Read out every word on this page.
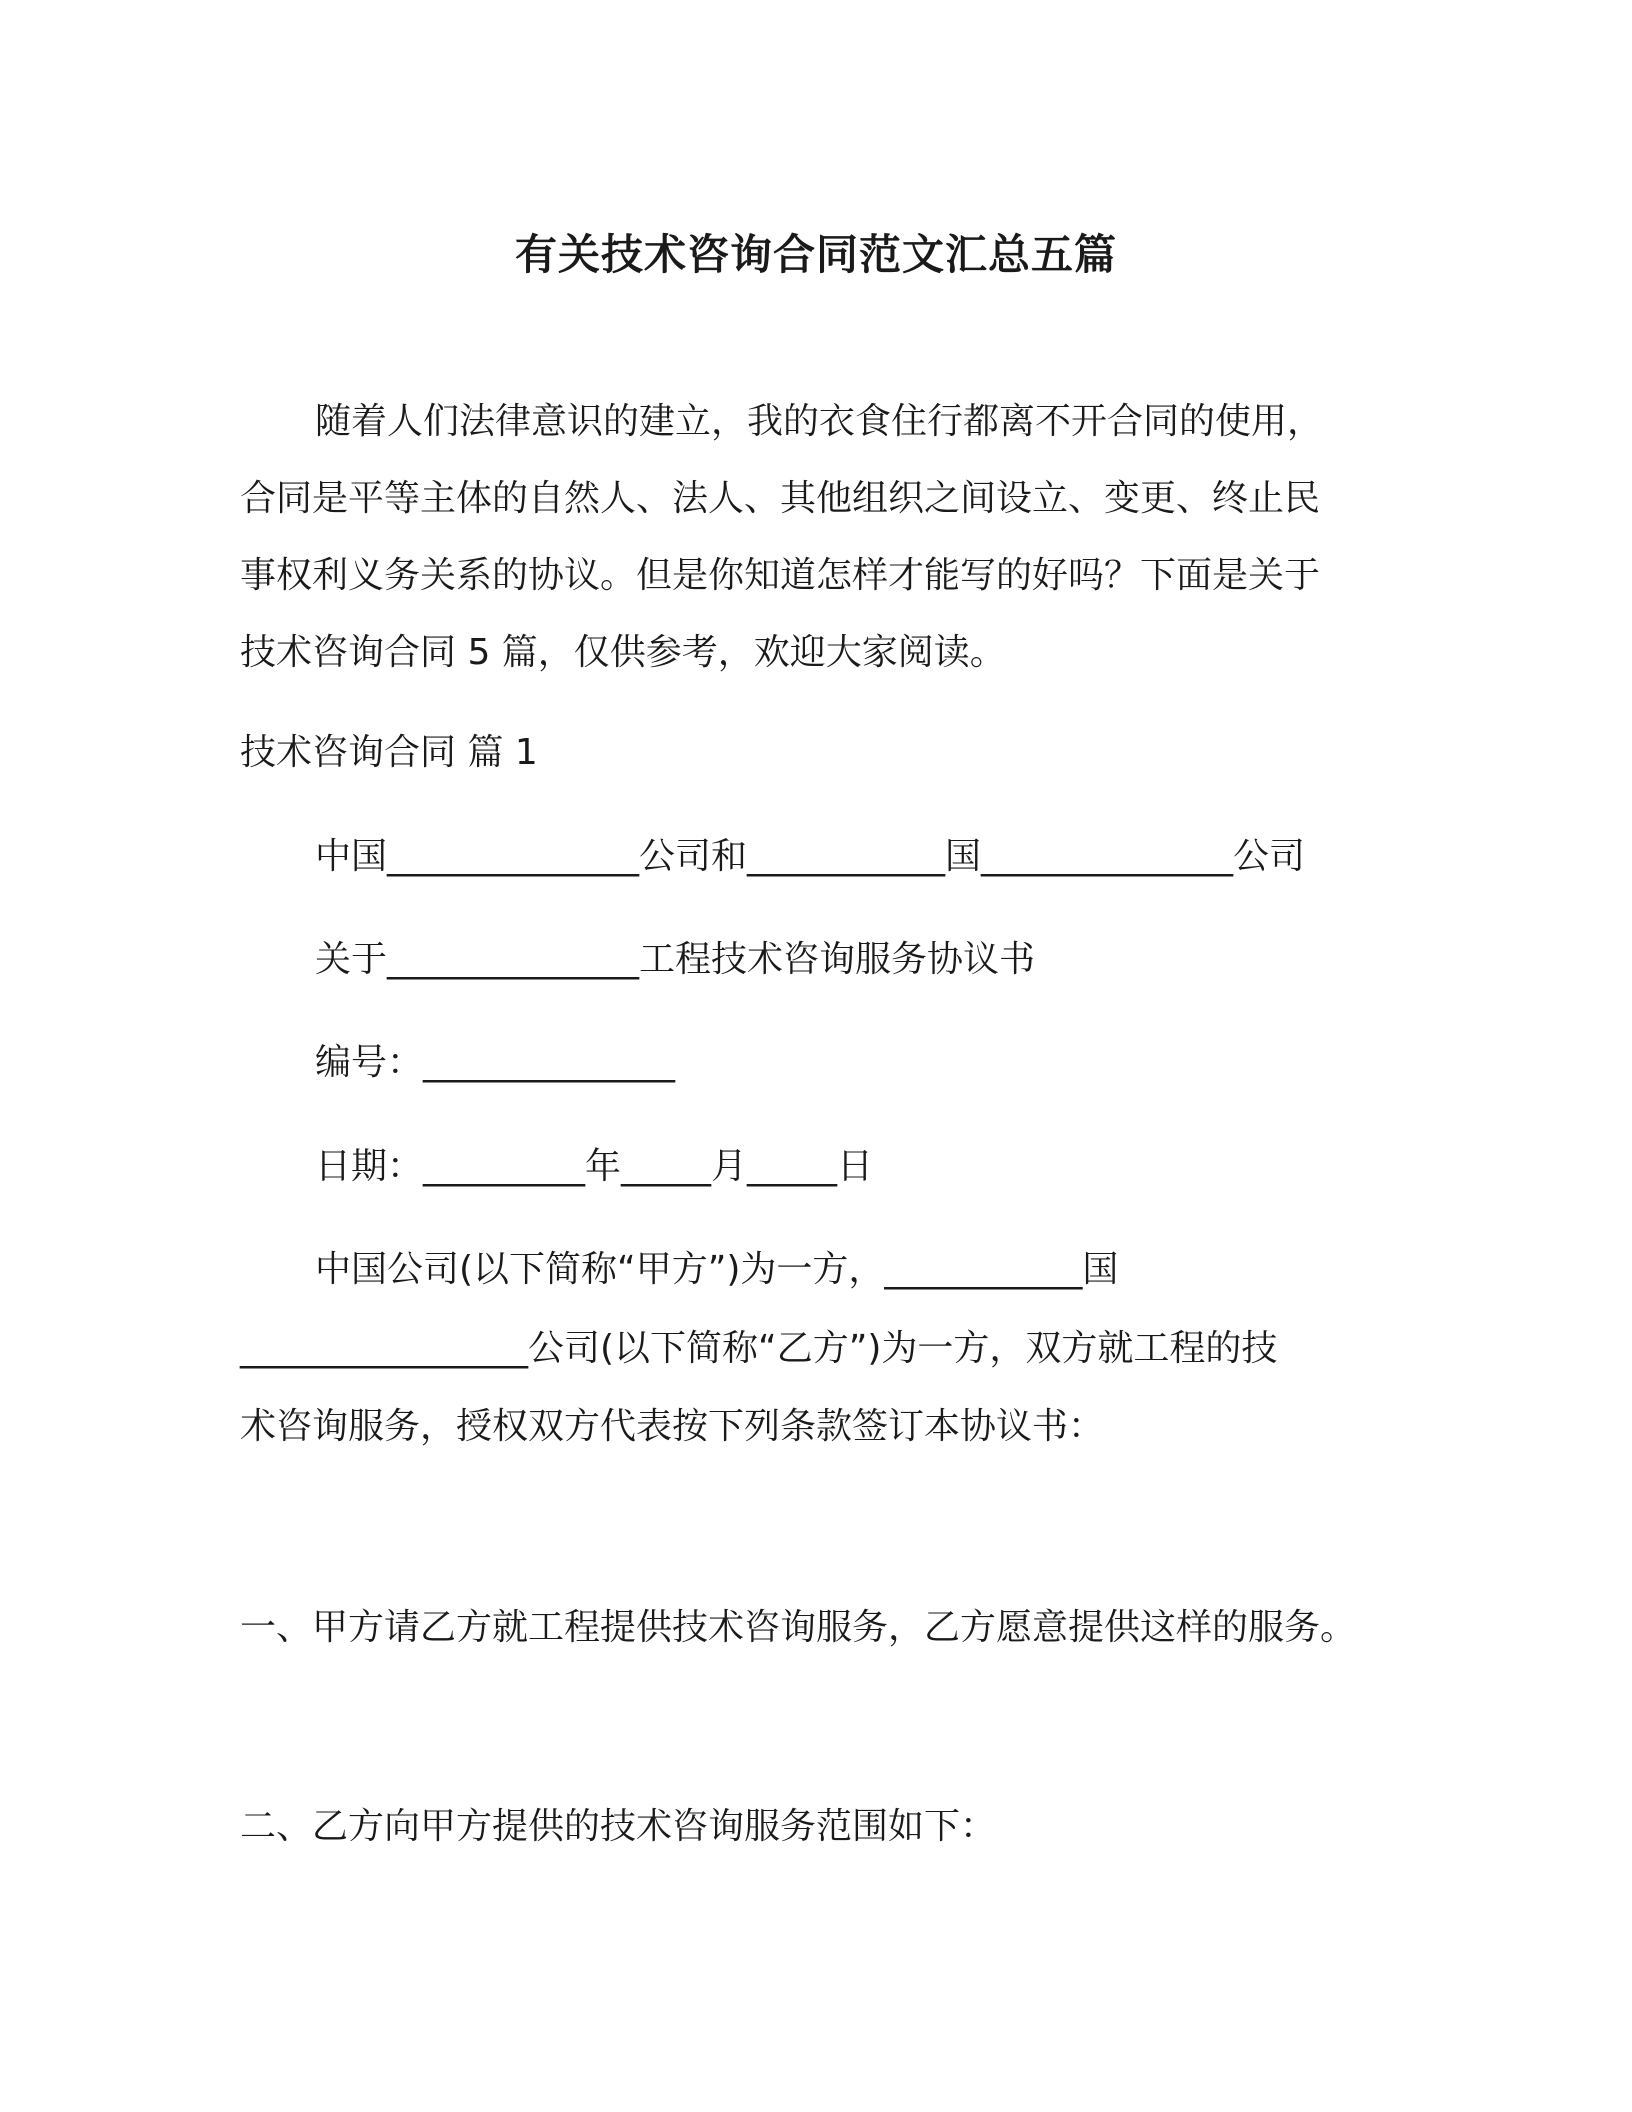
有关技术咨询合同范文汇总五篇
随着人们法律意识的建立，我的衣食住行都离不开合同的使用，
合同是平等主体的自然人、法人、其他组织之间设立、变更、终止民
事权利义务关系的协议。但是你知道怎样才能写的好吗？下面是关于
技术咨询合同 5 篇，仅供参考，欢迎大家阅读。
技术咨询合同 篇 1
中国______________公司和___________国______________公司
关于______________工程技术咨询服务协议书
编号：______________
日期：_________年_____月_____日
中国公司(以下简称“甲方”)为一方，___________国
________________公司(以下简称“乙方”)为一方，双方就工程的技
术咨询服务，授权双方代表按下列条款签订本协议书：
一、甲方请乙方就工程提供技术咨询服务，乙方愿意提供这样的服务。
二、乙方向甲方提供的技术咨询服务范围如下：
